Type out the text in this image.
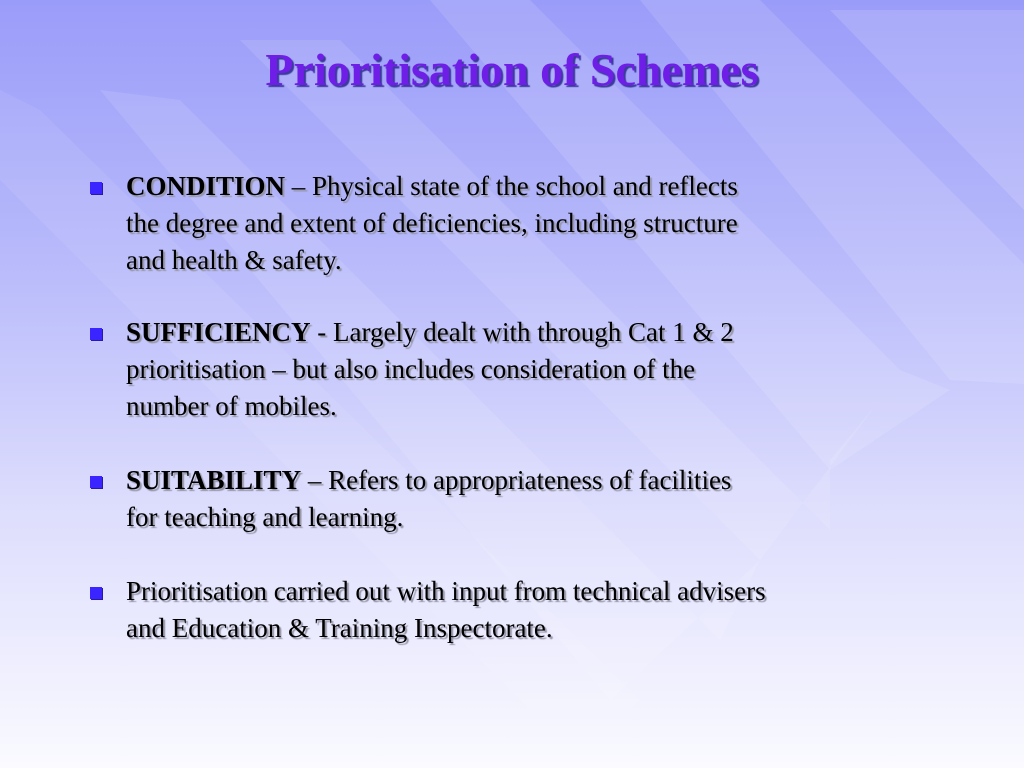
Prioritisation of Schemes
CONDITION – Physical state of the school and reflects
the degree and extent of deficiencies, including structure
and health & safety.
SUFFICIENCY - Largely dealt with through Cat 1 & 2
prioritisation – but also includes consideration of the
number of mobiles.
SUITABILITY – Refers to appropriateness of facilities
for teaching and learning.
Prioritisation carried out with input from technical advisers
and Education & Training Inspectorate.
